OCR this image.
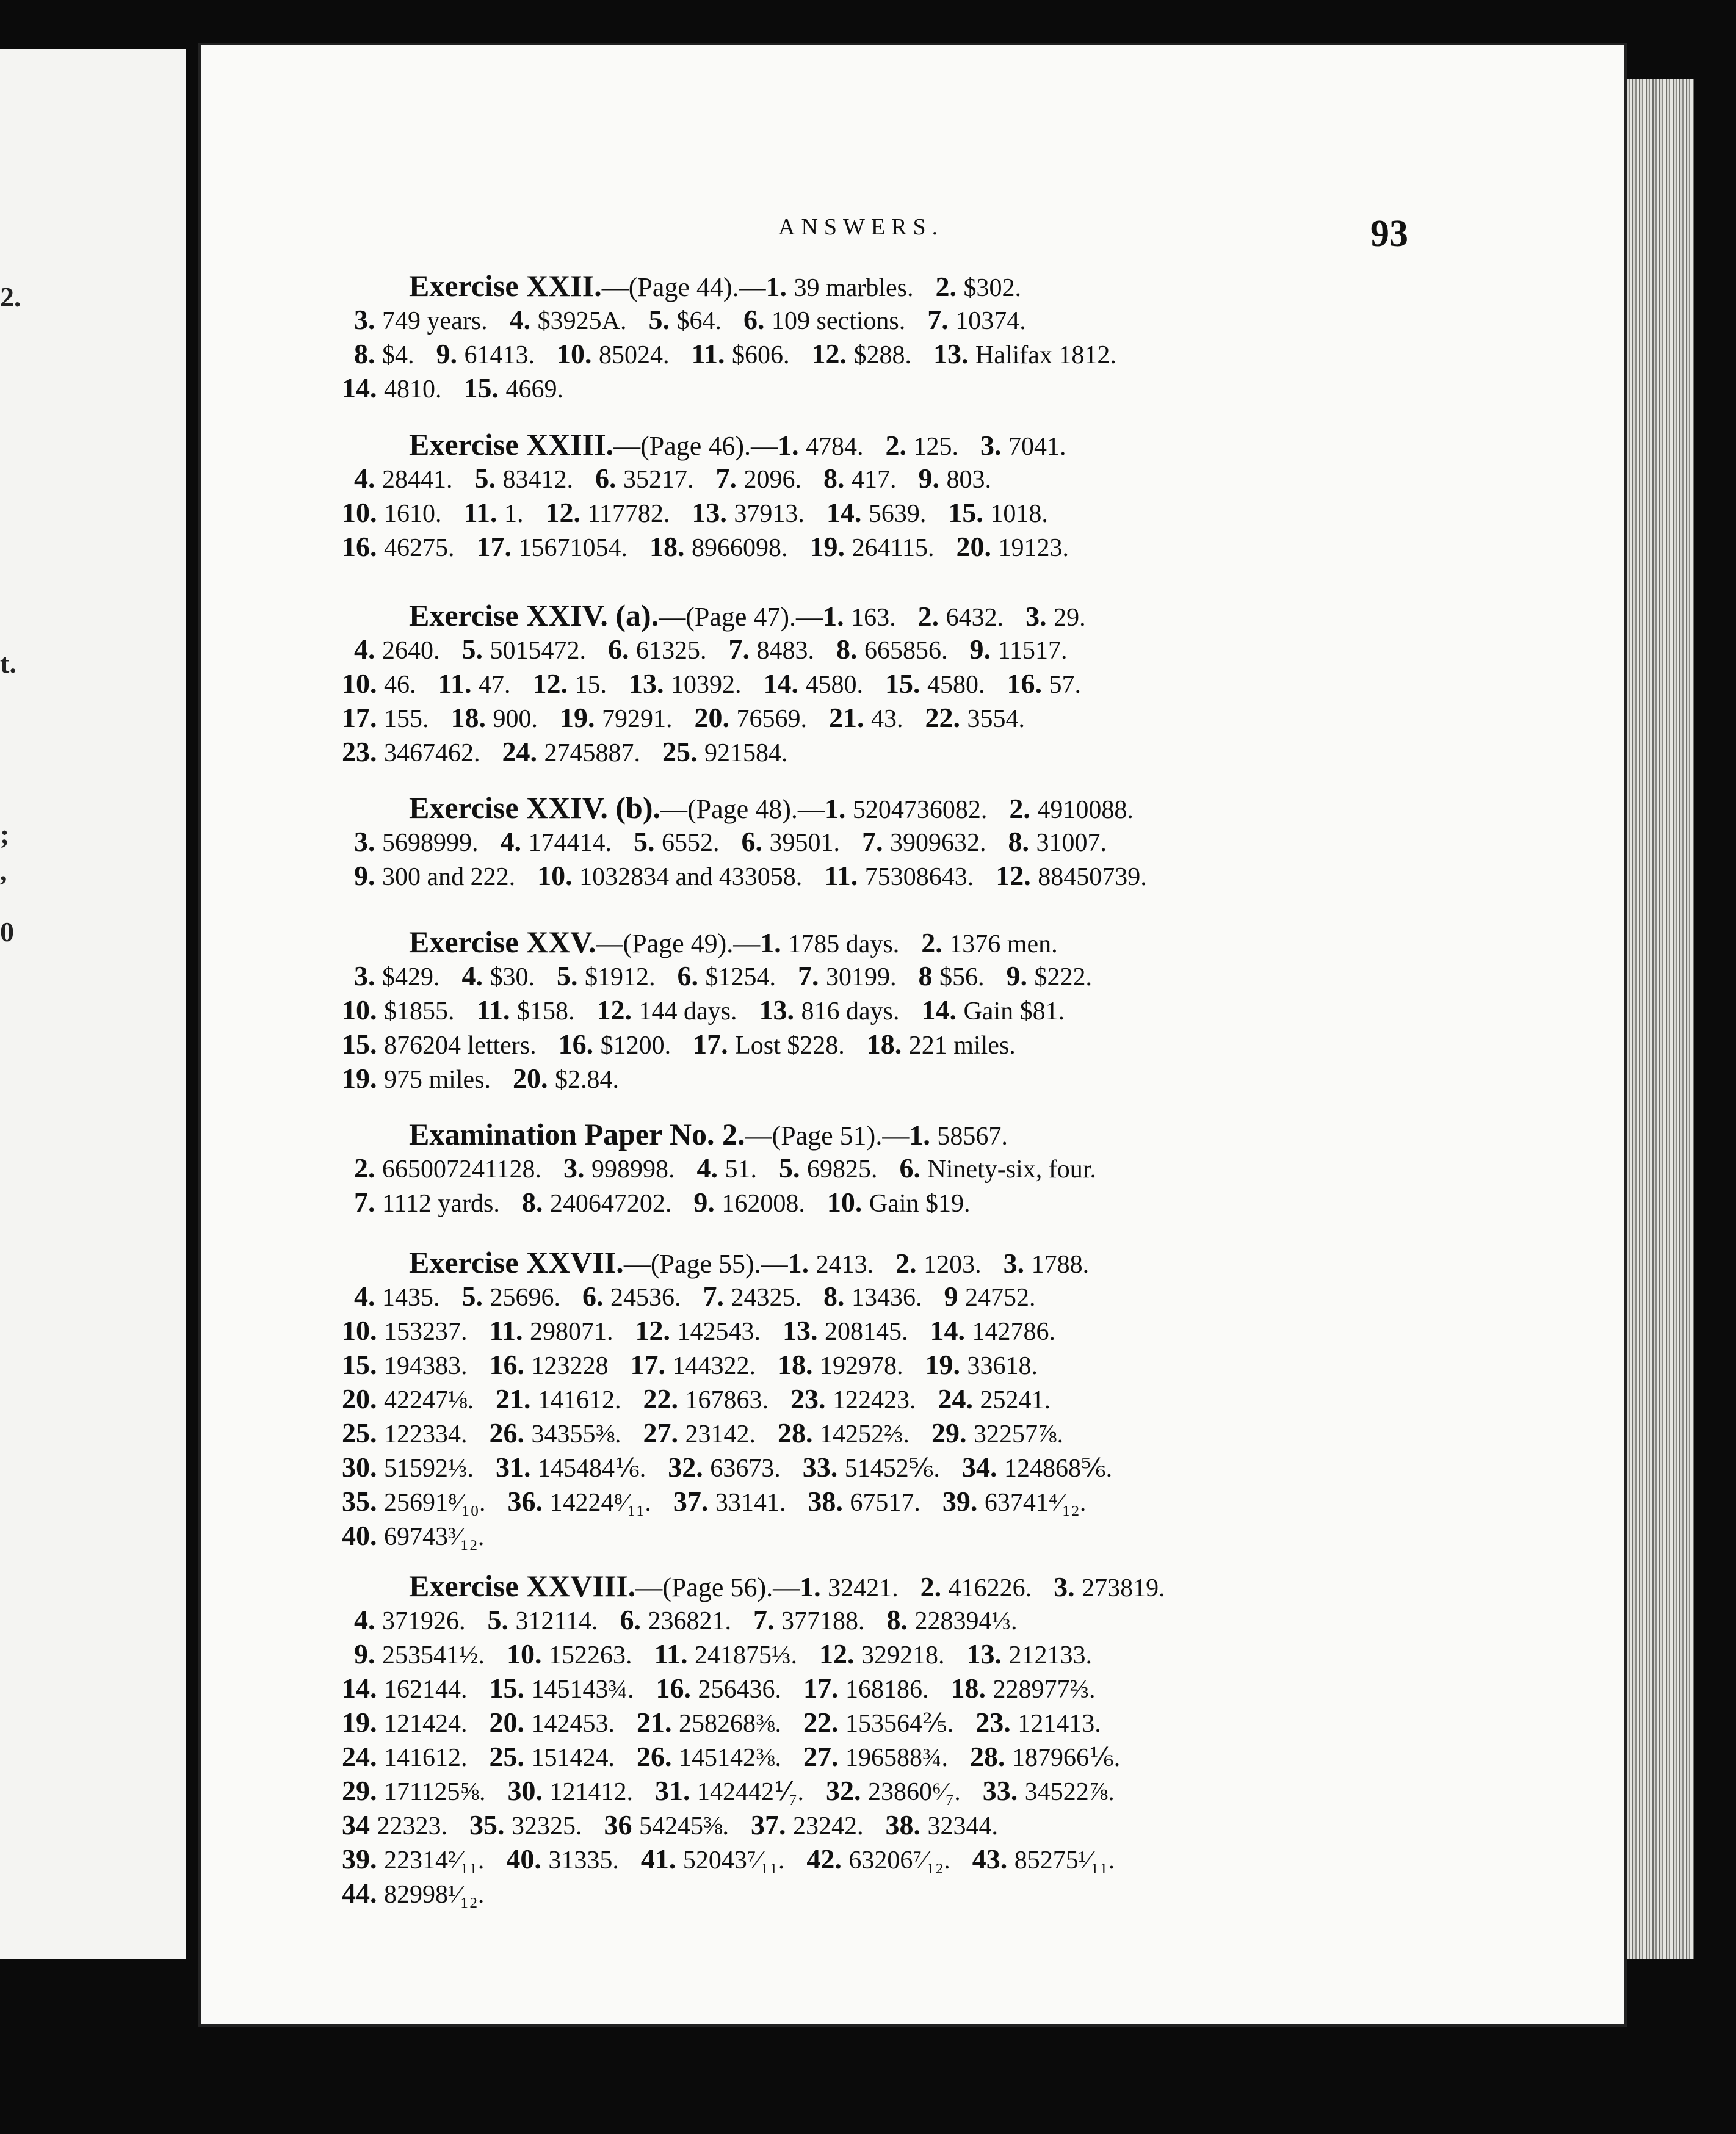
2.
t.
;
,
0
ANSWERS.	93
Exercise XXII.—(Page 44).—1. 39 marbles. 2. $302.
3. 749 years. 4. $3925A. 5. $64. 6. 109 sections. 7. 10374.
8. $4. 9. 61413. 10. 85024. 11. $606. 12. $288. 13. Halifax 1812.
14. 4810. 15. 4669.
Exercise XXIII.—(Page 46).—1. 4784. 2. 125. 3. 7041.
4. 28441. 5. 83412. 6. 35217. 7. 2096. 8. 417. 9. 803.
10. 1610. 11. 1. 12. 117782. 13. 37913. 14. 5639. 15. 1018.
16. 46275. 17. 15671054. 18. 8966098. 19. 264115. 20. 19123.
Exercise XXIV. (a).—(Page 47).—1. 163. 2. 6432. 3. 29.
4. 2640. 5. 5015472. 6. 61325. 7. 8483. 8. 665856. 9. 11517.
10. 46. 11. 47. 12. 15. 13. 10392. 14. 4580. 15. 4580. 16. 57.
17. 155. 18. 900. 19. 79291. 20. 76569. 21. 43. 22. 3554.
23. 3467462. 24. 2745887. 25. 921584.
Exercise XXIV. (b).—(Page 48).—1. 5204736082. 2. 4910088.
3. 5698999. 4. 174414. 5. 6552. 6. 39501. 7. 3909632. 8. 31007.
9. 300 and 222. 10. 1032834 and 433058. 11. 75308643. 12. 88450739.
Exercise XXV.—(Page 49).—1. 1785 days. 2. 1376 men.
3. $429. 4. $30. 5. $1912. 6. $1254. 7. 30199. 8 $56. 9. $222.
10. $1855. 11. $158. 12. 144 days. 13. 816 days. 14. Gain $81.
15. 876204 letters. 16. $1200. 17. Lost $228. 18. 221 miles.
19. 975 miles. 20. $2.84.
Examination Paper No. 2.—(Page 51).—1. 58567.
2. 665007241128. 3. 998998. 4. 51. 5. 69825. 6. Ninety-six, four.
7. 1112 yards. 8. 240647202. 9. 162008. 10. Gain $19.
Exercise XXVII.—(Page 55).—1. 2413. 2. 1203. 3. 1788.
4. 1435. 5. 25696. 6. 24536. 7. 24325. 8. 13436. 9 24752.
10. 153237. 11. 298071. 12. 142543. 13. 208145. 14. 142786.
15. 194383. 16. 123228 17. 144322. 18. 192978. 19. 33618.
20. 42247⅛. 21. 141612. 22. 167863. 23. 122423. 24. 25241.
25. 122334. 26. 34355⅜. 27. 23142. 28. 14252⅔. 29. 32257⅞.
30. 51592⅓. 31. 145484⅙. 32. 63673. 33. 51452⅚. 34. 124868⅚.
35. 25691⁸⁄₁₀. 36. 14224⁸⁄₁₁. 37. 33141. 38. 67517. 39. 63741⁴⁄₁₂.
40. 69743³⁄₁₂.
Exercise XXVIII.—(Page 56).—1. 32421. 2. 416226. 3. 273819.
4. 371926. 5. 312114. 6. 236821. 7. 377188. 8. 228394⅓.
9. 253541½. 10. 152263. 11. 241875⅓. 12. 329218. 13. 212133.
14. 162144. 15. 145143¾. 16. 256436. 17. 168186. 18. 228977⅔.
19. 121424. 20. 142453. 21. 258268⅜. 22. 153564⅖. 23. 121413.
24. 141612. 25. 151424. 26. 145142⅜. 27. 196588¾. 28. 187966⅙.
29. 171125⅝. 30. 121412. 31. 142442⅟₇. 32. 23860⁶⁄₇. 33. 34522⅞.
34 22323. 35. 32325. 36 54245⅜. 37. 23242. 38. 32344.
39. 22314²⁄₁₁. 40. 31335. 41. 52043⁷⁄₁₁. 42. 63206⁷⁄₁₂. 43. 85275¹⁄₁₁.
44. 82998¹⁄₁₂.
